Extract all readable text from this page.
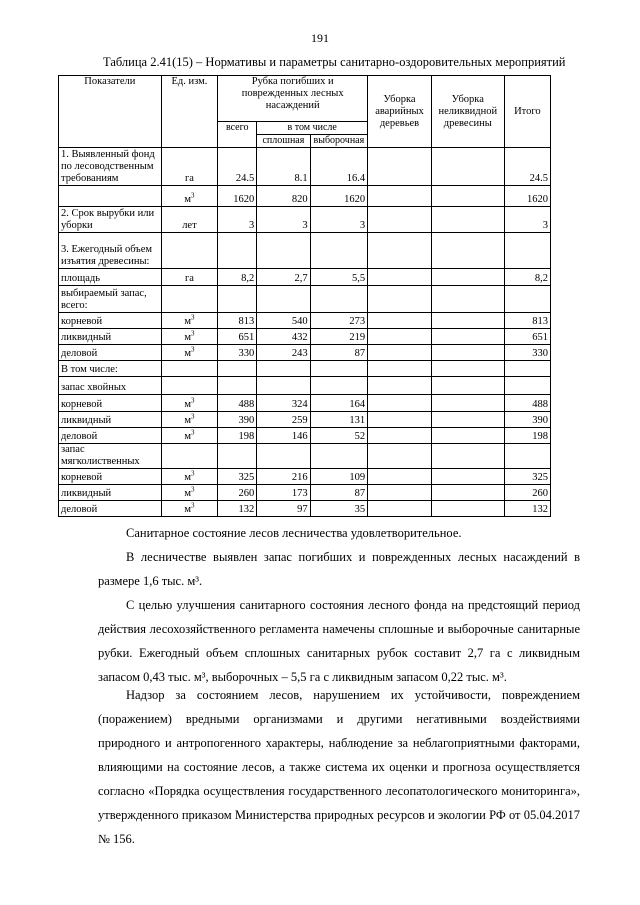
191
Таблица 2.41(15) – Нормативы и параметры санитарно-оздоровительных мероприятий
Показатели	Ед. изм.	Рубка погибших и поврежденных лесных насаждений			Уборка аварийных деревьев	Уборка неликвидной древесины	Итого
		всего	в том числе				
			сплошная	выборочная			
1. Выявленный фонд по лесоводственным требованиям	га	24.5	8.1	16.4			24.5
	$м^3$	1620	820	1620			1620
2. Срок вырубки или уборки	лет	3	3	3			3
3. Ежегодный объем изъятия древесины:							
площадь	га	8,2	2,7	5,5			8,2
выбираемый запас, всего:							
корневой	$м^3$	813	540	273			813
ликвидный	$м^3$	651	432	219			651
деловой	$м^3$	330	243	87			330
В том числе:							
запас хвойных							
корневой	$м^3$	488	324	164			488
ликвидный	$м^3$	390	259	131			390
деловой	$м^3$	198	146	52			198
запас мягколиственных							
корневой	$м^3$	325	216	109			325
ликвидный	$м^3$	260	173	87			260
деловой	$м^3$	132	97	35			132
Санитарное состояние лесов лесничества удовлетворительное.
В лесничестве выявлен запас погибших и поврежденных лесных насаждений в размере 1,6 тыс. м³.
С целью улучшения санитарного состояния лесного фонда на предстоящий период действия лесохозяйственного регламента намечены сплошные и выборочные санитарные рубки. Ежегодный объем сплошных санитарных рубок составит 2,7 га с ликвидным запасом 0,43 тыс. м³, выборочных – 5,5 га с ликвидным запасом 0,22 тыс. м³.
Надзор за состоянием лесов, нарушением их устойчивости, повреждением (поражением) вредными организмами и другими негативными воздействиями природного и антропогенного характеры, наблюдение за неблагоприятными факторами, влияющими на состояние лесов, а также система их оценки и прогноза осуществляется согласно «Порядка осуществления государственного лесопатологического мониторинга», утвержденного приказом Министерства природных ресурсов и экологии РФ от 05.04.2017 № 156.
